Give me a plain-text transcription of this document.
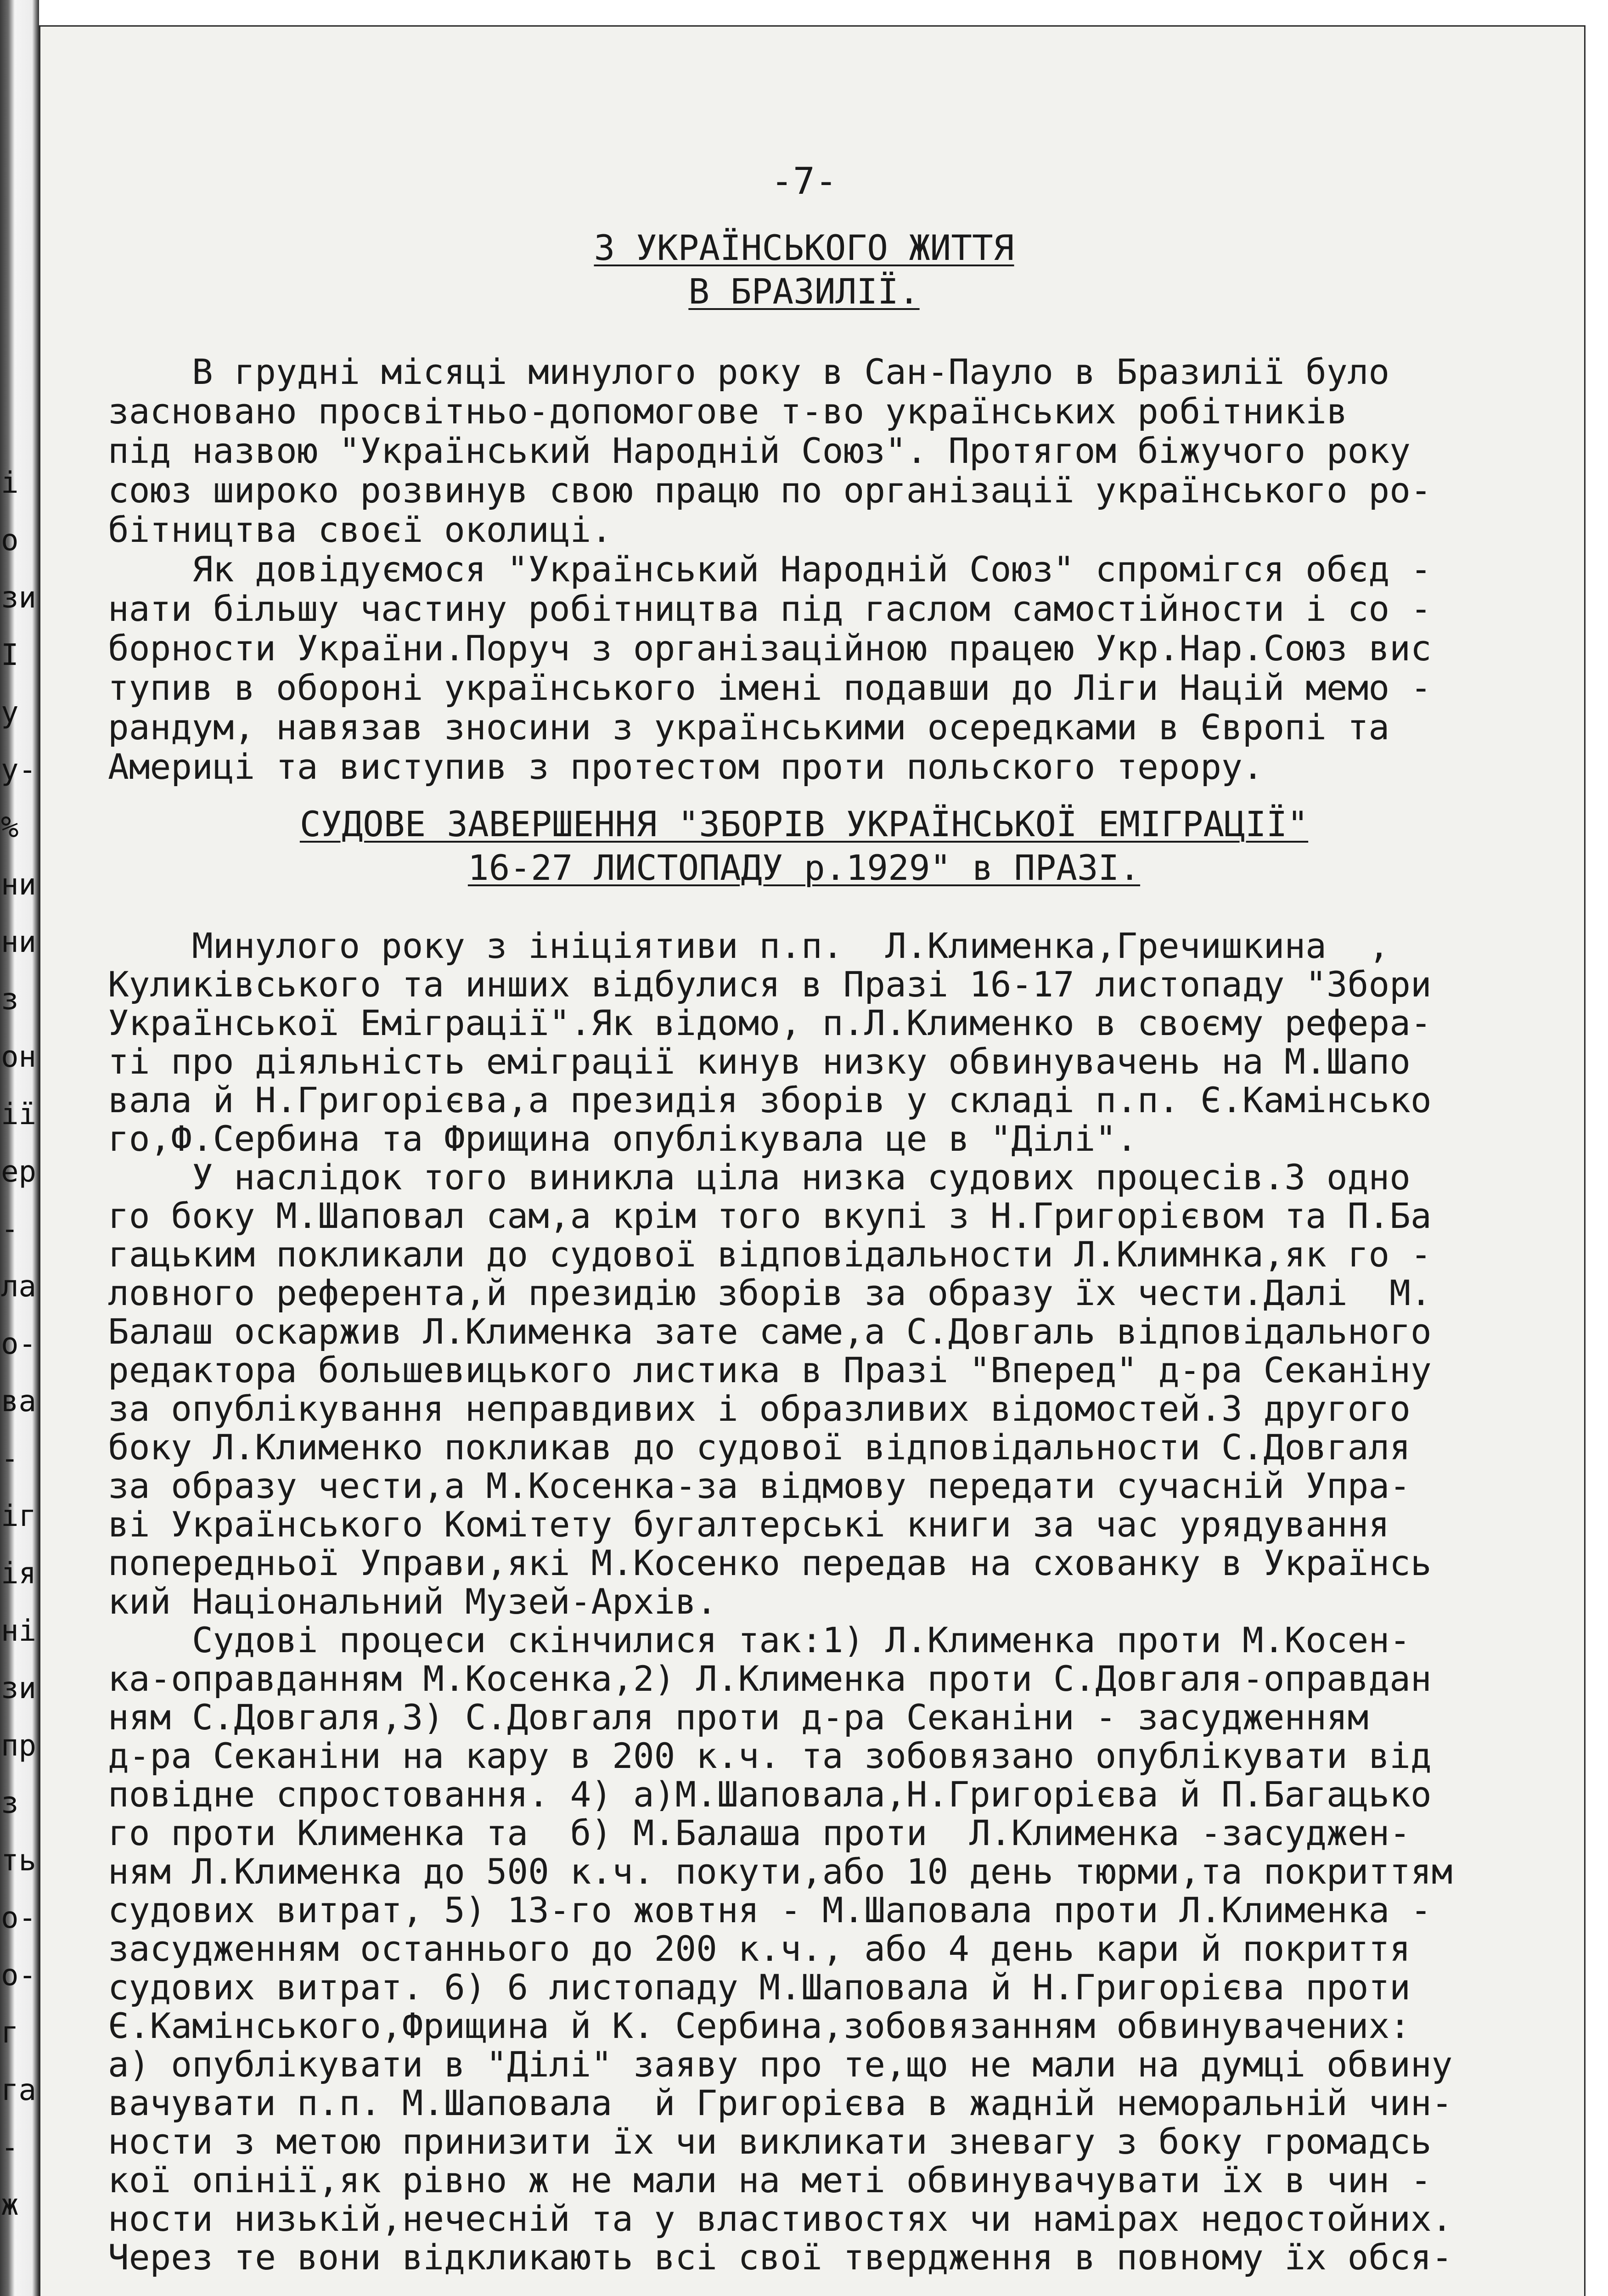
і
о
зи
І
у
у-
%
ни
ни
з
он
ії
ер
-
ла
о-
ва
-
іг
ія
ні
зи
пр
з
ть
о-
о-
г
га
-
ж
-7-
З УКРАЇНСЬКОГО ЖИТТЯ
В БРАЗИЛІЇ.
В грудні місяці минулого року в Сан-Пауло в Бразилії було
засновано просвітньо-допомогове т-во українських робітників
під назвою "Український Народній Союз". Протягом біжучого року
союз широко розвинув свою працю по організації українського ро-
бітництва своєї околиці.
Як довідуємося "Український Народній Союз" спромігся обєд -
нати більшу частину робітництва під гаслом самостійности і со -
борности України.Поруч з організаційною працею Укр.Нар.Союз вис
тупив в обороні українського імені подавши до Ліги Націй мемо -
рандум, навязав зносини з українськими осередками в Європі та
Америці та виступив з протестом проти польского терору.
СУДОВЕ ЗАВЕРШЕННЯ "ЗБОРІВ УКРАЇНСЬКОЇ ЕМІГРАЦІЇ"
16-27 ЛИСТОПАДУ р.1929" в ПРАЗІ.
Минулого року з ініціятиви п.п.  Л.Клименка,Гречишкина  ,
Куликівського та инших відбулися в Празі 16-17 листопаду "Збори
Української Еміграції".Як відомо, п.Л.Клименко в своєму рефера-
ті про діяльність еміграції кинув низку обвинувачень на М.Шапо
вала й Н.Григорієва,а президія зборів у складі п.п. Є.Камінсько
го,Ф.Сербина та Фрищина опублікувала це в "Ділі".
У наслідок того виникла ціла низка судових процесів.З одно
го боку М.Шаповал сам,а крім того вкупі з Н.Григорієвом та П.Ба
гацьким покликали до судової відповідальности Л.Климнка,як го -
ловного референта,й президію зборів за образу їх чести.Далі  М.
Балаш оскаржив Л.Клименка зате саме,а С.Довгаль відповідального
редактора большевицького листика в Празі "Вперед" д-ра Секаніну
за опублікування неправдивих і образливих відомостей.З другого
боку Л.Клименко покликав до судової відповідальности С.Довгаля
за образу чести,а М.Косенка-за відмову передати сучасній Упра-
ві Українського Комітету бугалтерські книги за час урядування
попередньої Управи,які М.Косенко передав на схованку в Українсь
кий Національний Музей-Архів.
Судові процеси скінчилися так:1) Л.Клименка проти М.Косен-
ка-оправданням М.Косенка,2) Л.Клименка проти С.Довгаля-оправдан
ням С.Довгаля,3) С.Довгаля проти д-ра Секаніни - засудженням
д-ра Секаніни на кару в 200 к.ч. та зобовязано опублікувати від
повідне спростовання. 4) а)М.Шаповала,Н.Григорієва й П.Багацько
го проти Клименка та  б) М.Балаша проти  Л.Клименка -засуджен-
ням Л.Клименка до 500 к.ч. покути,або 10 день тюрми,та покриттям
судових витрат, 5) 13-го жовтня - М.Шаповала проти Л.Клименка -
засудженням останнього до 200 к.ч., або 4 день кари й покриття
судових витрат. 6) 6 листопаду М.Шаповала й Н.Григорієва проти
Є.Камінського,Фрищина й К. Сербина,зобовязанням обвинувачених:
а) опублікувати в "Ділі" заяву про те,що не мали на думці обвину
вачувати п.п. М.Шаповала  й Григорієва в жадній неморальній чин-
ности з метою принизити їх чи викликати зневагу з боку громадсь
кої опінії,як рівно ж не мали на меті обвинувачувати їх в чин -
ности низькій,нечесній та у властивостях чи намірах недостойних.
Через те вони відкликають всі свої твердження в повному їх обся-
